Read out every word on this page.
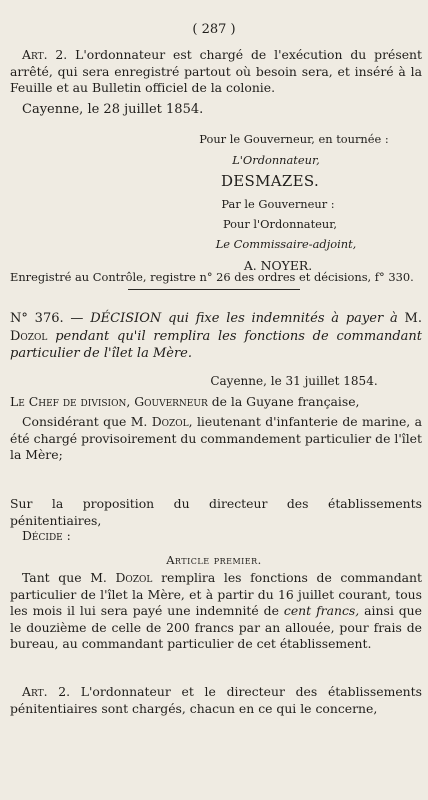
( 287 )
Art. 2. L'ordonnateur est chargé de l'exécution du présent arrêté, qui sera enregistré partout où besoin sera, et inséré à la Feuille et au Bulletin officiel de la colonie.
Cayenne, le 28 juillet 1854.
Pour le Gouverneur, en tournée :
L'Ordonnateur,
DESMAZES.
Par le Gouverneur :
Pour l'Ordonnateur,
Le Commissaire-adjoint,
A. NOYER.
Enregistré au Contrôle, registre n° 26 des ordres et décisions, f° 330.
N° 376. — DÉCISION qui fixe les indemnités à payer à M. Dozol pendant qu'il remplira les fonctions de commandant particulier de l'îlet la Mère.
Cayenne, le 31 juillet 1854.
Le Chef de division, Gouverneur de la Guyane française,
Considérant que M. Dozol, lieutenant d'infanterie de marine, a été chargé provisoirement du commandement particulier de l'îlet la Mère;
Sur la proposition du directeur des établissements pénitentiaires,
Décide :
Article premier.
Tant que M. Dozol remplira les fonctions de commandant particulier de l'îlet la Mère, et à partir du 16 juillet courant, tous les mois il lui sera payé une indemnité de cent francs, ainsi que le douzième de celle de 200 francs par an allouée, pour frais de bureau, au commandant particulier de cet établissement.
Art. 2. L'ordonnateur et le directeur des établissements pénitentiaires sont chargés, chacun en ce qui le concerne,
